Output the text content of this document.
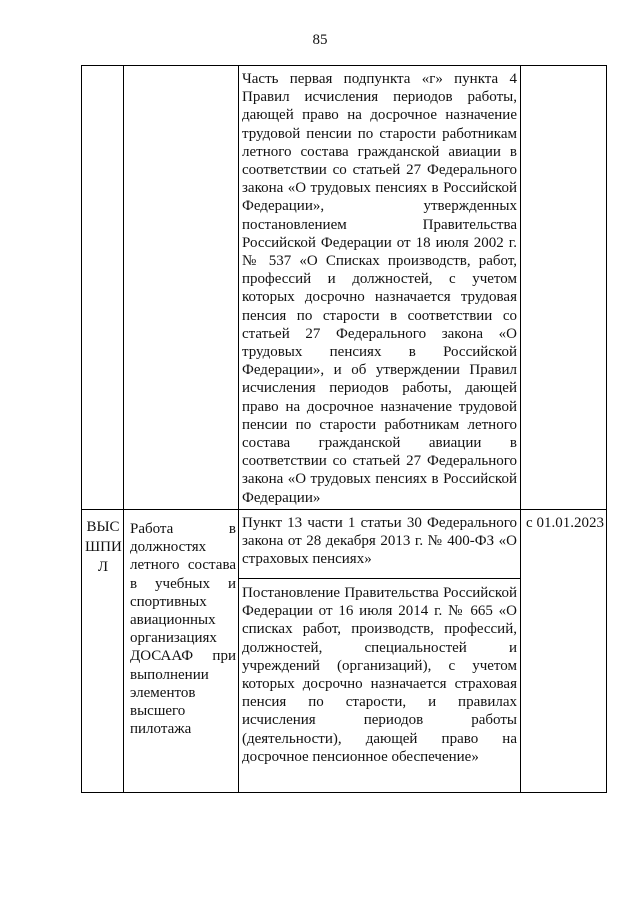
85
Часть первая подпункта «г» пункта 4 Правил исчисления периодов работы, дающей право на досрочное назначение трудовой пенсии по старости работникам летного состава гражданской авиации в соответствии со статьей 27 Федерального закона «О трудовых пенсиях в Российской Федерации», утвержденных постановлением Правительства Российской Федерации от 18 июля 2002 г. № 537 «О Списках производств, работ, профессий и должностей, с учетом которых досрочно назначается трудовая пенсия по старости в соответствии со статьей 27 Федерального закона «О трудовых пенсиях в Российской Федерации», и об утверждении Правил исчисления периодов работы, дающей право на досрочное назначение трудовой пенсии по старости работникам летного состава гражданской авиации в соответствии со статьей 27 Федерального закона «О трудовых пенсиях в Российской Федерации»
ВЫС ШПИ Л
Работа в должностях летного состава в учебных и спортивных авиационных организациях ДОСААФ при выполнении элементов высшего пилотажа
Пункт 13 части 1 статьи 30 Федерального закона от 28 декабря 2013 г. № 400-ФЗ «О страховых пенсиях»
Постановление Правительства Российской Федерации от 16 июля 2014 г. № 665 «О списках работ, производств, профессий, должностей, специальностей и учреждений (организаций), с учетом которых досрочно назначается страховая пенсия по старости, и правилах исчисления периодов работы (деятельности), дающей право на досрочное пенсионное обеспечение»
с 01.01.2023
